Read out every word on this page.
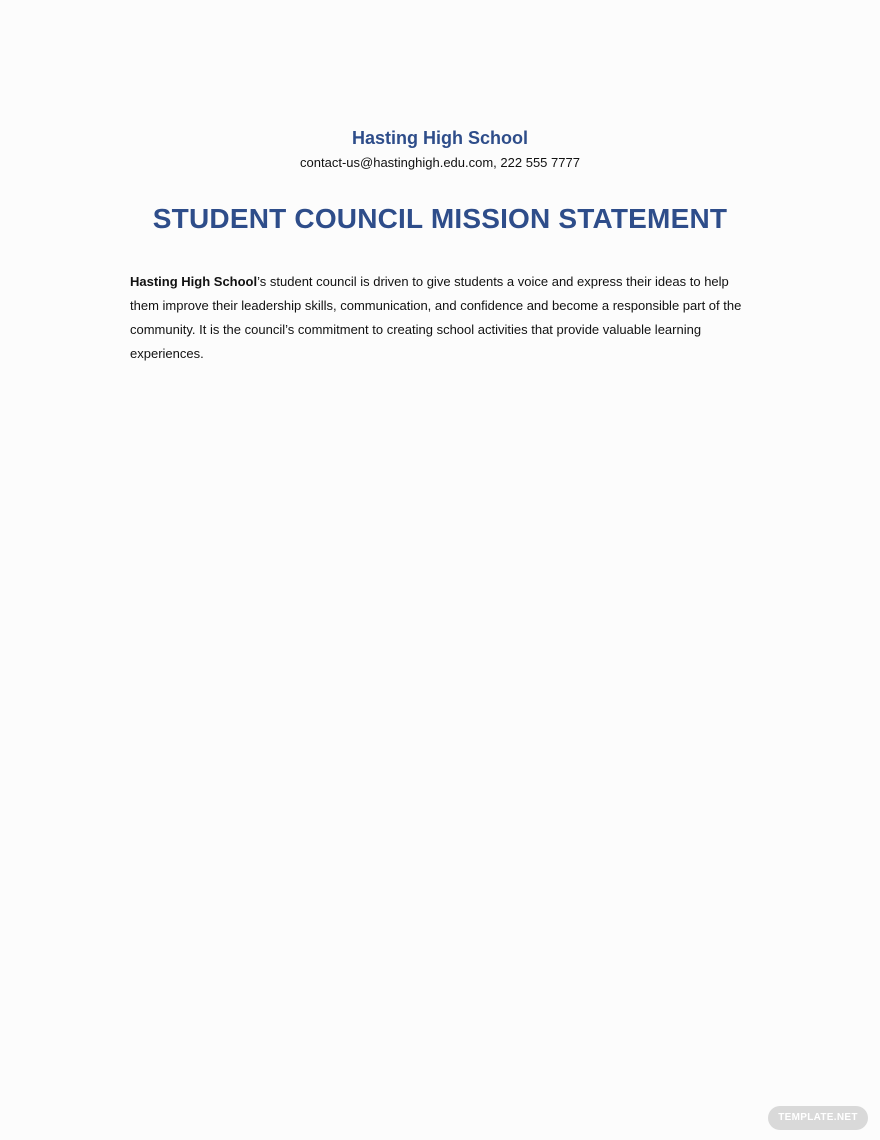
Hasting High School
contact-us@hastinghigh.edu.com, 222 555 7777
STUDENT COUNCIL MISSION STATEMENT

Hasting High School’s student council is driven to give students a voice and express their ideas to help them improve their leadership skills, communication, and confidence and become a responsible part of the community. It is the council’s commitment to creating school activities that provide valuable learning experiences.

TEMPLATE.NET
